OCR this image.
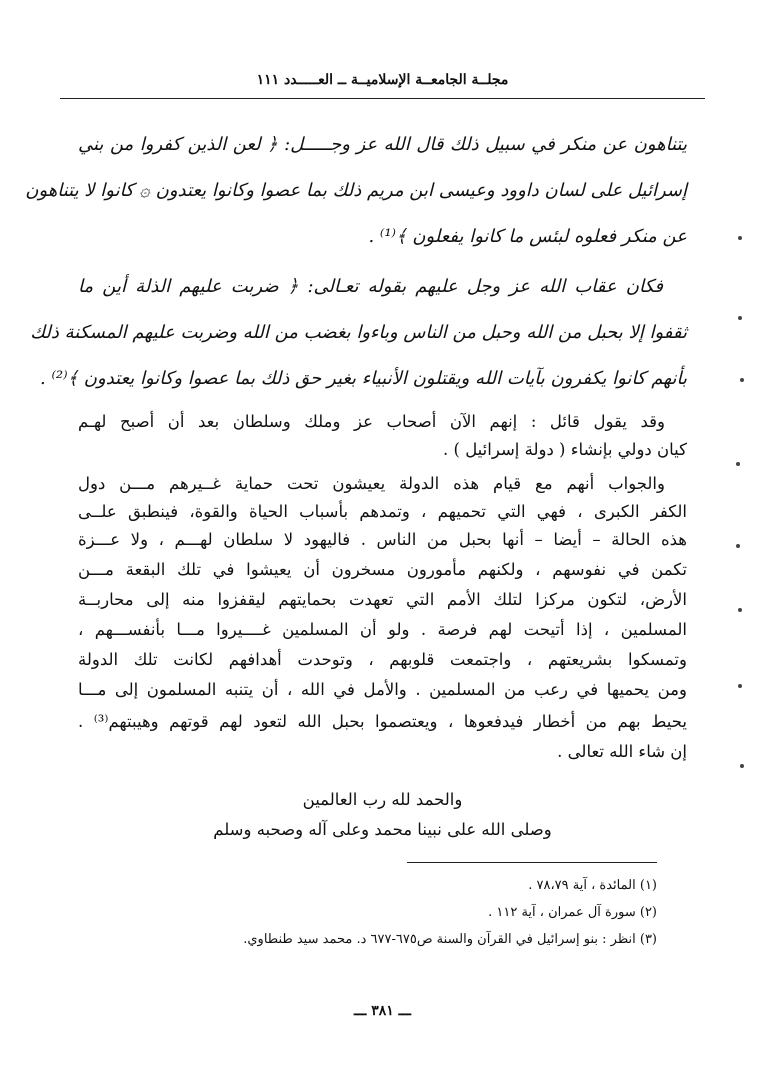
مجلــة الجامعــة الإسلاميــة ــ العـــــدد ١١١
يتناهون عن منكر في سبيل ذلك قال الله عز وجـــــل: ﴿ لعن الذين كفروا من بني
إسرائيل على لسان داوود وعيسى ابن مريم ذلك بما عصوا وكانوا يعتدون ۞ كانوا لا يتناهون
عن منكر فعلوه لبئس ما كانوا يفعلون ﴾⁽¹⁾ .
فكان عقاب الله عز وجل عليهم بقوله تعـالى: ﴿ ضربت عليهم الذلة أين ما
ثقفوا إلا بحبل من الله وحبل من الناس وباءوا بغضب من الله وضربت عليهم المسكنة ذلك
بأنهم كانوا يكفرون بآيات الله ويقتلون الأنبياء بغير حق ذلك بما عصوا وكانوا يعتدون ﴾⁽²⁾ .
وقد يقول قائل : إنهم الآن أصحاب عز وملك وسلطان بعد أن أصبح لهـم
كيان دولي بإنشاء ( دولة إسرائيل ) .
والجواب أنهم مع قيام هذه الدولة يعيشون تحت حماية غــيرهم مـــن دول
الكفر الكبرى ، فهي التي تحميهم ، وتمدهم بأسباب الحياة والقوة، فينطبق علــى
هذه الحالة – أيضا – أنها بحبل من الناس . فاليهود لا سلطان لهـــم ، ولا عـــزة
تكمن في نفوسهم ، ولكنهم مأمورون مسخرون أن يعيشوا في تلك البقعة مـــن
الأرض، لتكون مركزا لتلك الأمم التي تعهدت بحمايتهم ليقفزوا منه إلى محاربــة
المسلمين ، إذا أتيحت لهم فرصة . ولو أن المسلمين غــــيروا مـــا بأنفســـهم ،
وتمسكوا بشريعتهم ، واجتمعت قلوبهم ، وتوحدت أهدافهم لكانت تلك الدولة
ومن يحميها في رعب من المسلمين . والأمل في الله ، أن يتنبه المسلمون إلى مـــا
يحيط بهم من أخطار فيدفعوها ، ويعتصموا بحبل الله لتعود لهم قوتهم وهيبتهم⁽³⁾ .
إن شاء الله تعالى .
والحمد لله رب العالمين
وصلى الله على نبينا محمد وعلى آله وصحبه وسلم
(١) المائدة ، آية ٧٨،٧٩ .
(٢) سورة آل عمران ، آية ١١٢ .
(٣) انظر : بنو إسرائيل في القرآن والسنة ص٦٧٥-٦٧٧ د. محمد سيد طنطاوي.
ـــ ٣٨١ ـــ
